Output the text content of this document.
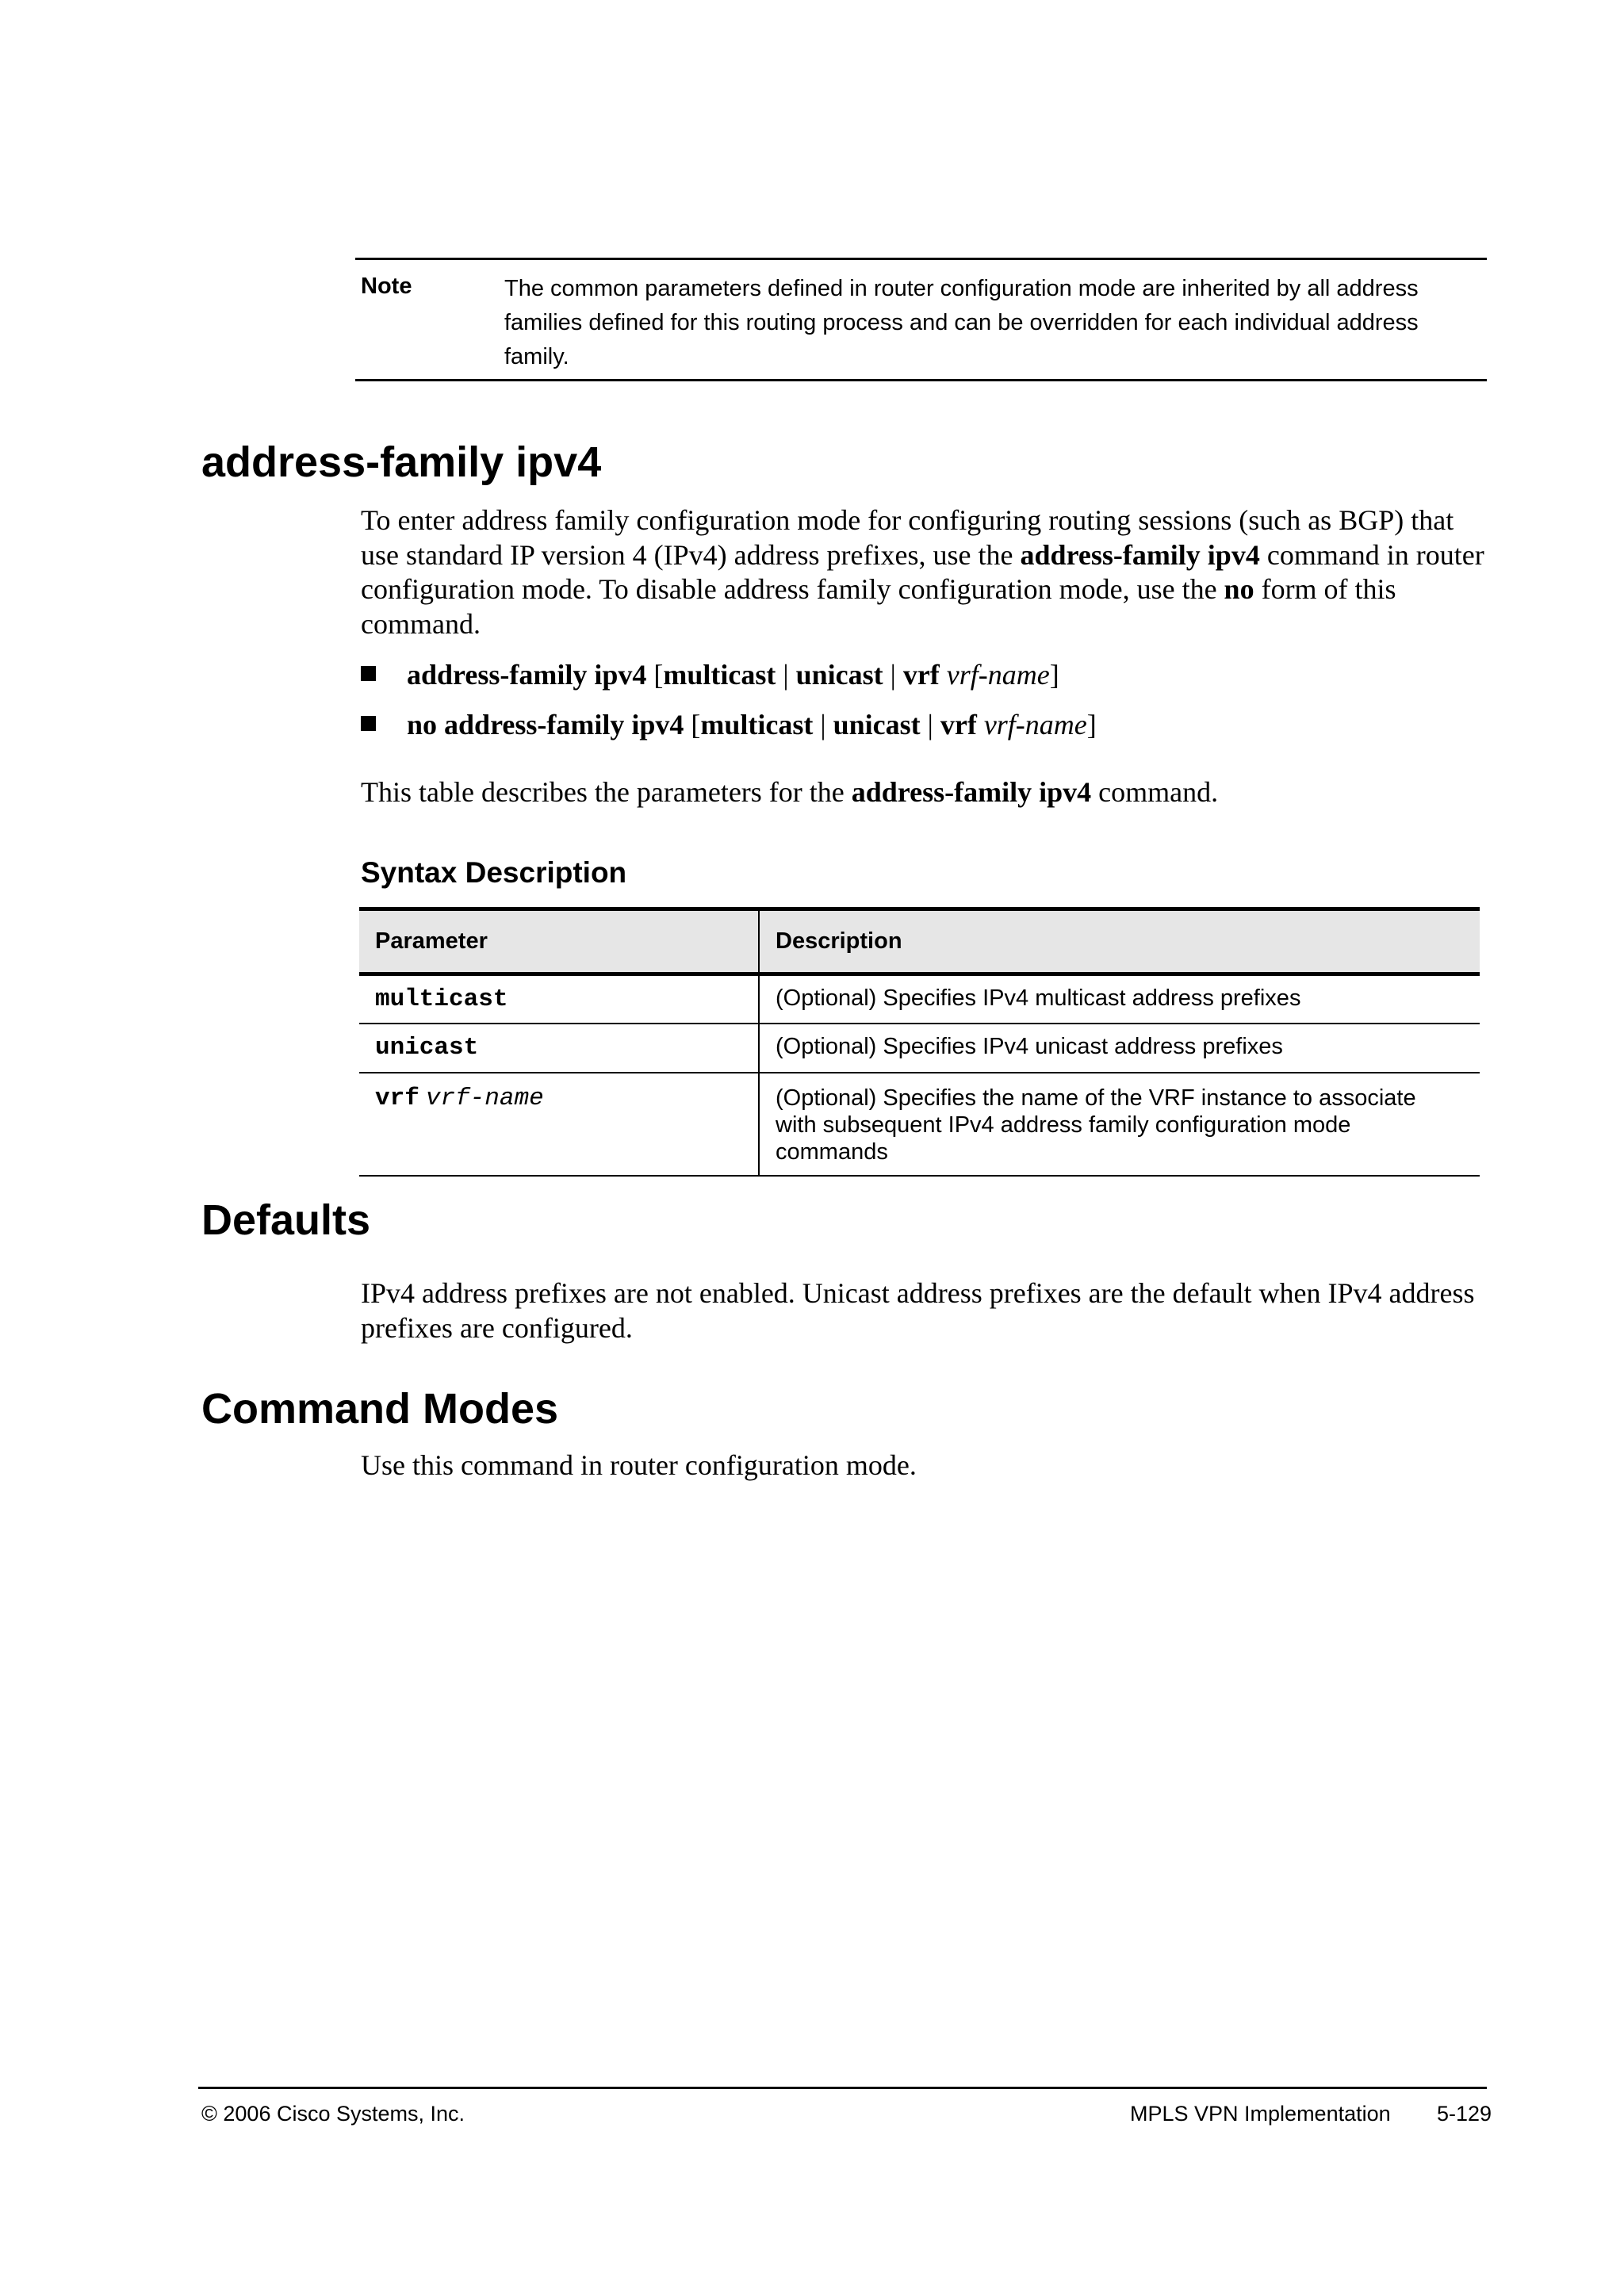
Note	The common parameters defined in router configuration mode are inherited by all address families defined for this routing process and can be overridden for each individual address family.
address-family ipv4
To enter address family configuration mode for configuring routing sessions (such as BGP) that use standard IP version 4 (IPv4) address prefixes, use the address-family ipv4 command in router configuration mode. To disable address family configuration mode, use the no form of this command.
address-family ipv4 [multicast | unicast | vrf vrf-name]
no address-family ipv4 [multicast | unicast | vrf vrf-name]
This table describes the parameters for the address-family ipv4 command.
Syntax Description
Parameter	Description
multicast	(Optional) Specifies IPv4 multicast address prefixes
unicast	(Optional) Specifies IPv4 unicast address prefixes
vrf vrf-name	(Optional) Specifies the name of the VRF instance to associate
with subsequent IPv4 address family configuration mode
commands
Defaults
IPv4 address prefixes are not enabled. Unicast address prefixes are the default when IPv4 address prefixes are configured.
Command Modes
Use this command in router configuration mode.
© 2006 Cisco Systems, Inc.	MPLS VPN Implementation 5-129
